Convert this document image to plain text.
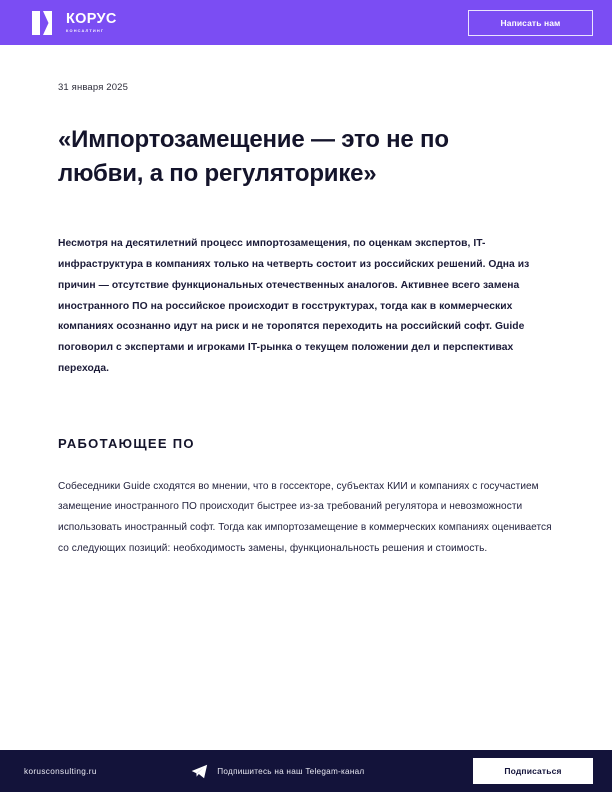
КОРУС
КОНСАЛТИНГ
Написать нам
31 января 2025
«Импортозамещение — это не по любви, а по регуляторике»

Несмотря на десятилетний процесс импортозамещения, по оценкам экспертов, IT-инфраструктура в компаниях только на четверть состоит из российских решений. Одна из причин — отсутствие функциональных отечественных аналогов. Активнее всего замена иностранного ПО на российское происходит в госструктурах, тогда как в коммерческих компаниях осознанно идут на риск и не торопятся переходить на российский софт. Guide поговорил с экспертами и игроками IT-рынка о текущем положении дел и перспективах перехода.

РАБОТАЮЩЕЕ ПО

Собеседники Guide сходятся во мнении, что в госсекторе, субъектах КИИ и компаниях с госучастием замещение иностранного ПО происходит быстрее из-за требований регулятора и невозможности использовать иностранный софт. Тогда как импортозамещение в коммерческих компаниях оценивается со следующих позиций: необходимость замены, функциональность решения и стоимость.

korusconsulting.ru	Подпишитесь на наш Telegam-канал	Подписаться
